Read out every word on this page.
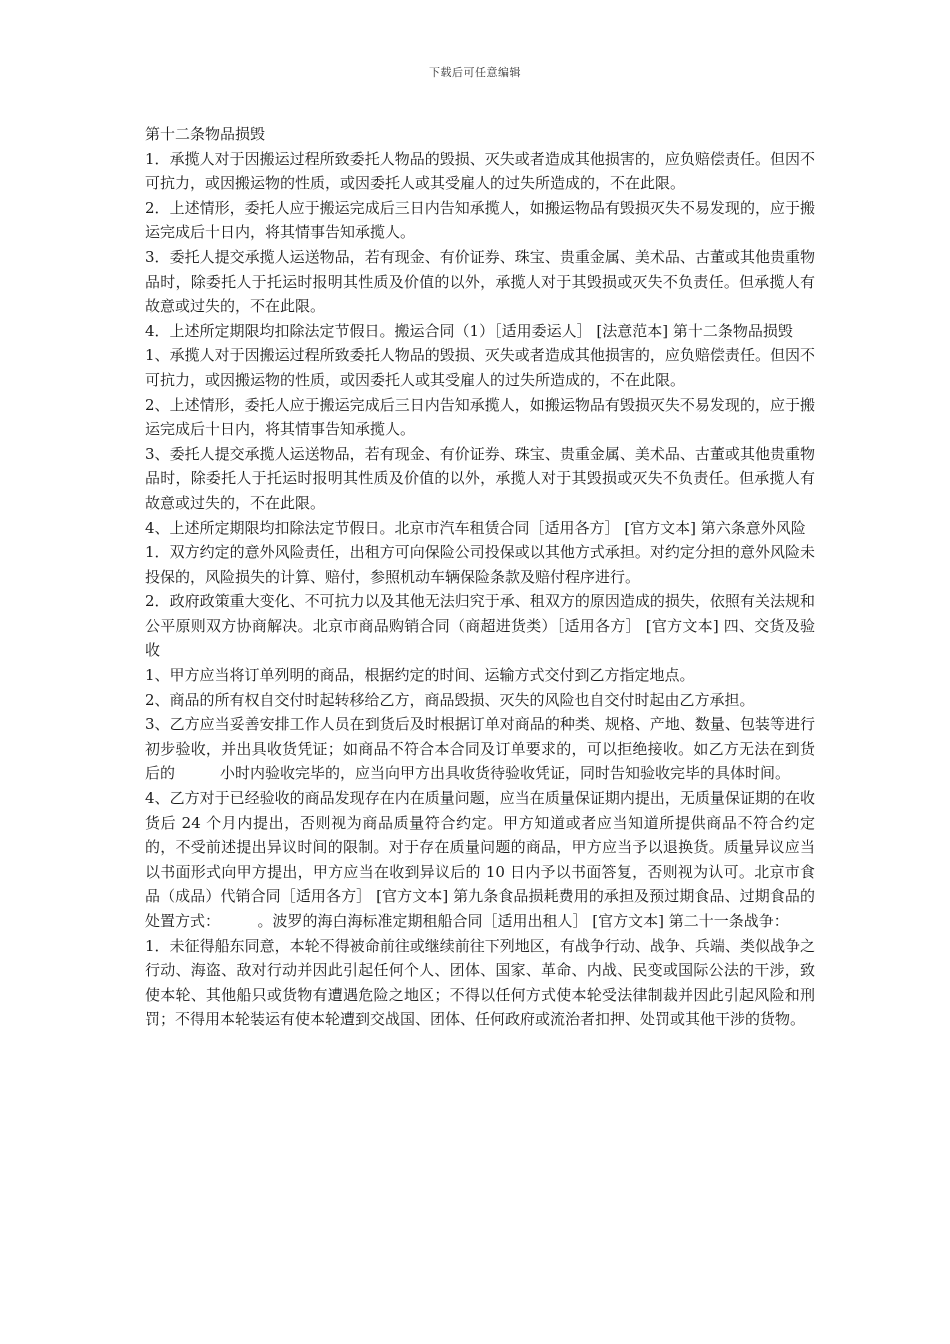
下载后可任意编辑

第十二条物品损毁

1．承揽人对于因搬运过程所致委托人物品的毁损、灭失或者造成其他损害的，应负赔偿责任。但因不可抗力，或因搬运物的性质，或因委托人或其受雇人的过失所造成的，不在此限。

2．上述情形，委托人应于搬运完成后三日内告知承揽人，如搬运物品有毁损灭失不易发现的，应于搬运完成后十日内，将其情事告知承揽人。

3．委托人提交承揽人运送物品，若有现金、有价证券、珠宝、贵重金属、美术品、古董或其他贵重物品时，除委托人于托运时报明其性质及价值的以外，承揽人对于其毁损或灭失不负责任。但承揽人有故意或过失的，不在此限。

4．上述所定期限均扣除法定节假日。搬运合同（1）［适用委运人］ [法意范本] 第十二条物品损毁

1、承揽人对于因搬运过程所致委托人物品的毁损、灭失或者造成其他损害的，应负赔偿责任。但因不可抗力，或因搬运物的性质，或因委托人或其受雇人的过失所造成的，不在此限。

2、上述情形，委托人应于搬运完成后三日内告知承揽人，如搬运物品有毁损灭失不易发现的，应于搬运完成后十日内，将其情事告知承揽人。

3、委托人提交承揽人运送物品，若有现金、有价证券、珠宝、贵重金属、美术品、古董或其他贵重物品时，除委托人于托运时报明其性质及价值的以外，承揽人对于其毁损或灭失不负责任。但承揽人有故意或过失的，不在此限。

4、上述所定期限均扣除法定节假日。北京市汽车租赁合同［适用各方］ [官方文本] 第六条意外风险

1．双方约定的意外风险责任，出租方可向保险公司投保或以其他方式承担。对约定分担的意外风险未投保的，风险损失的计算、赔付，参照机动车辆保险条款及赔付程序进行。

2．政府政策重大变化、不可抗力以及其他无法归究于承、租双方的原因造成的损失，依照有关法规和公平原则双方协商解决。北京市商品购销合同（商超进货类）［适用各方］ [官方文本] 四、交货及验收

1、甲方应当将订单列明的商品，根据约定的时间、运输方式交付到乙方指定地点。

2、商品的所有权自交付时起转移给乙方，商品毁损、灭失的风险也自交付时起由乙方承担。

3、乙方应当妥善安排工作人员在到货后及时根据订单对商品的种类、规格、产地、数量、包装等进行初步验收，并出具收货凭证；如商品不符合本合同及订单要求的，可以拒绝接收。如乙方无法在到货后的　　　小时内验收完毕的，应当向甲方出具收货待验收凭证，同时告知验收完毕的具体时间。

4、乙方对于已经验收的商品发现存在内在质量问题，应当在质量保证期内提出，无质量保证期的在收货后 24 个月内提出，否则视为商品质量符合约定。甲方知道或者应当知道所提供商品不符合约定的，不受前述提出异议时间的限制。对于存在质量问题的商品，甲方应当予以退换货。质量异议应当以书面形式向甲方提出，甲方应当在收到异议后的 10 日内予以书面答复，否则视为认可。北京市食品（成品）代销合同［适用各方］ [官方文本] 第九条食品损耗费用的承担及预过期食品、过期食品的处置方式：　　　。波罗的海白海标准定期租船合同［适用出租人］ [官方文本] 第二十一条战争：

1．未征得船东同意，本轮不得被命前往或继续前往下列地区，有战争行动、战争、兵端、类似战争之行动、海盗、敌对行动并因此引起任何个人、团体、国家、革命、内战、民变或国际公法的干涉，致使本轮、其他船只或货物有遭遇危险之地区；不得以任何方式使本轮受法律制裁并因此引起风险和刑罚；不得用本轮装运有使本轮遭到交战国、团体、任何政府或流治者扣押、处罚或其他干涉的货物。
